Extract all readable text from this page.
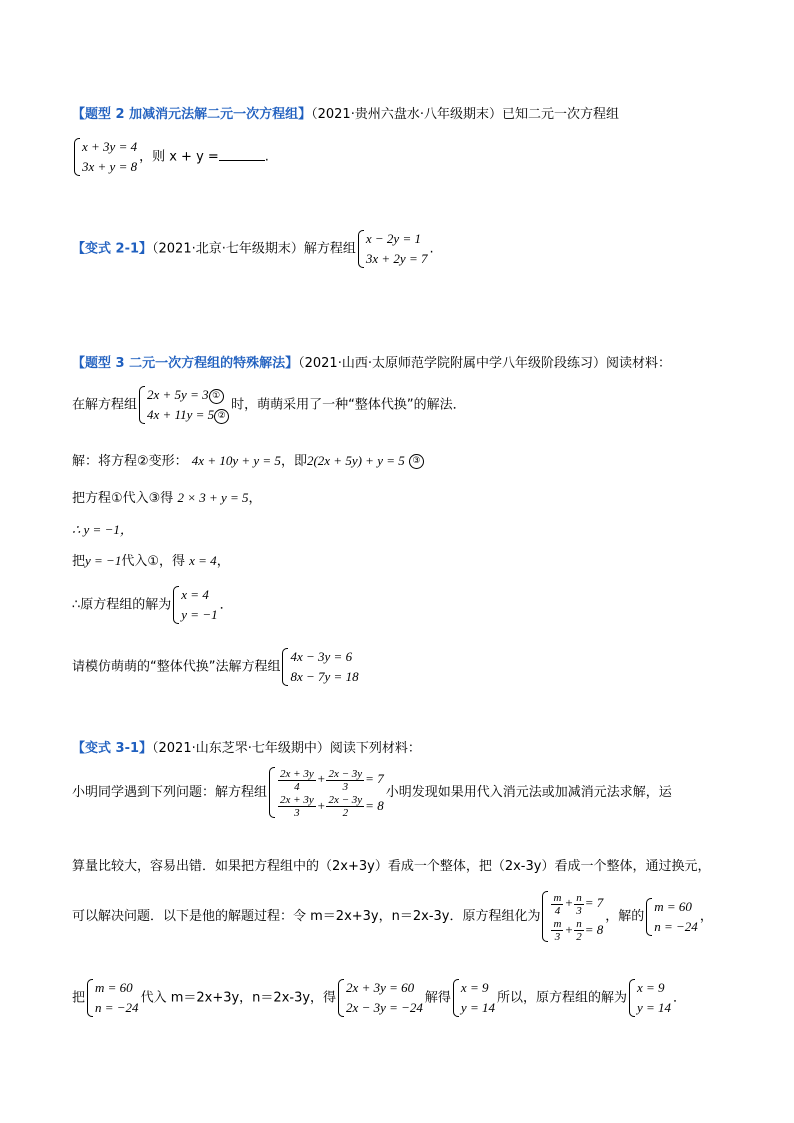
【题型 2 加减消元法解二元一次方程组】（2021·贵州六盘水·八年级期末）已知二元一次方程组
x + 3y = 4
3x + y = 8
，则 x + y =	.
【变式 2-1】（2021·北京·七年级期末）解方程组
x − 2y = 1
3x + 2y = 7
.
【题型 3 二元一次方程组的特殊解法】（2021·山西·太原师范学院附属中学八年级阶段练习）阅读材料：
在解方程组
2x + 5y = 3 ①
4x + 11y = 5 ②
时，萌萌采用了一种“整体代换”的解法．
解：将方程②变形： 4x + 10y + y = 5，即2(2x + 5y) + y = 5 ③
把方程①代入③得 2 × 3 + y = 5，
∴ y = −1，
把y = −1代入①，得 x = 4，
∴原方程组的解为
x = 4
y = −1
．
请模仿萌萌的“整体代换”法解方程组
4x − 3y = 6
8x − 7y = 18
【变式 3-1】（2021·山东芝罘·七年级期中）阅读下列材料：
小明同学遇到下列问题：解方程组 $\frac{2x + 3y}{4} + \frac{2x - 3y}{3} = 7$
$\frac{2x + 3y}{3} + \frac{2x - 3y}{2} = 8$
小明发现如果用代入消元法或加减消元法求解，运
算量比较大，容易出错．如果把方程组中的（2x+3y）看成一个整体，把（2x-3y）看成一个整体，通过换元，
可以解决问题．以下是他的解题过程：令 m＝2x+3y，n＝2x-3y．原方程组化为 $\frac{m}{4} + \frac{n}{3} = 7$
$\frac{m}{3} + \frac{n}{2} = 8$
，解的
m = 60
n = −24
，
把
m = 60
n = −24
代入 m＝2x+3y，n＝2x-3y，得
2x + 3y = 60
2x − 3y = −24
解得
x = 9
y = 14
所以，原方程组的解为
x = 9
y = 14
．
